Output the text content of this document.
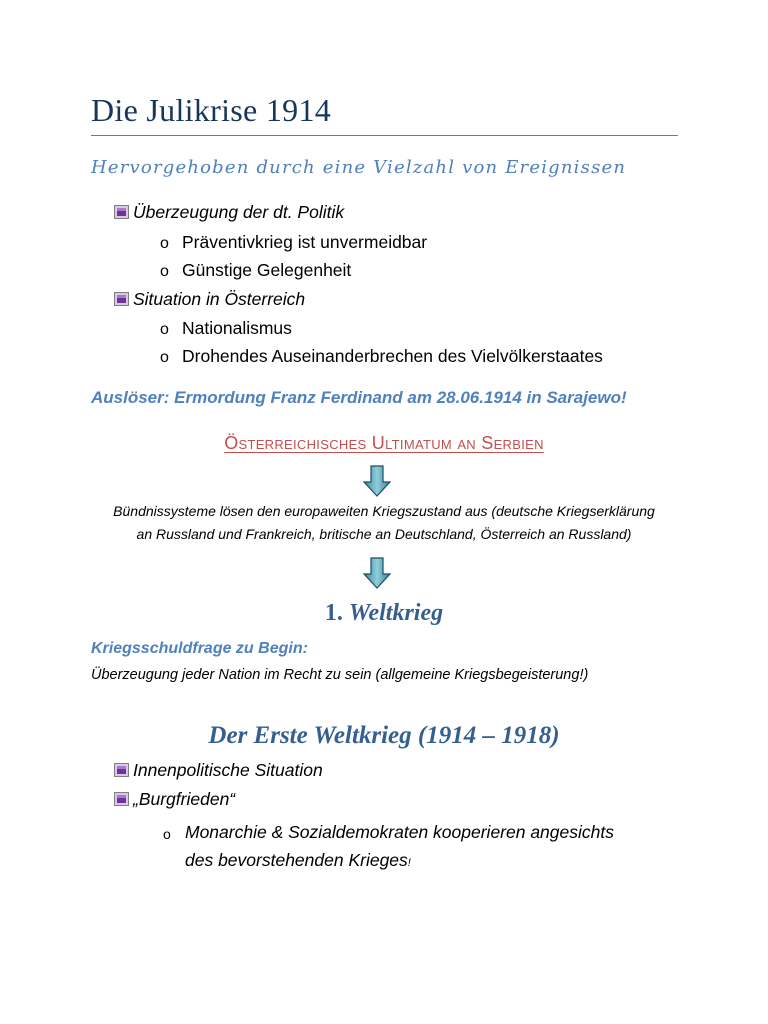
Die Julikrise 1914
Hervorgehoben durch eine Vielzahl von Ereignissen
Überzeugung der dt. Politik
o Präventivkrieg ist unvermeidbar
o Günstige Gelegenheit
Situation in Österreich
o Nationalismus
o Drohendes Auseinanderbrechen des Vielvölkerstaates
Auslöser: Ermordung Franz Ferdinand am 28.06.1914 in Sarajewo!
Österreichisches Ultimatum an Serbien
Bündnissysteme lösen den europaweiten Kriegszustand aus (deutsche Kriegserklärung
an Russland und Frankreich, britische an Deutschland, Österreich an Russland)
1. Weltkrieg
Kriegsschuldfrage zu Begin:
Überzeugung jeder Nation im Recht zu sein (allgemeine Kriegsbegeisterung!)
Der Erste Weltkrieg (1914 – 1918)
Innenpolitische Situation
„Burgfrieden“
o Monarchie & Sozialdemokraten kooperieren angesichts
des bevorstehenden Krieges!
